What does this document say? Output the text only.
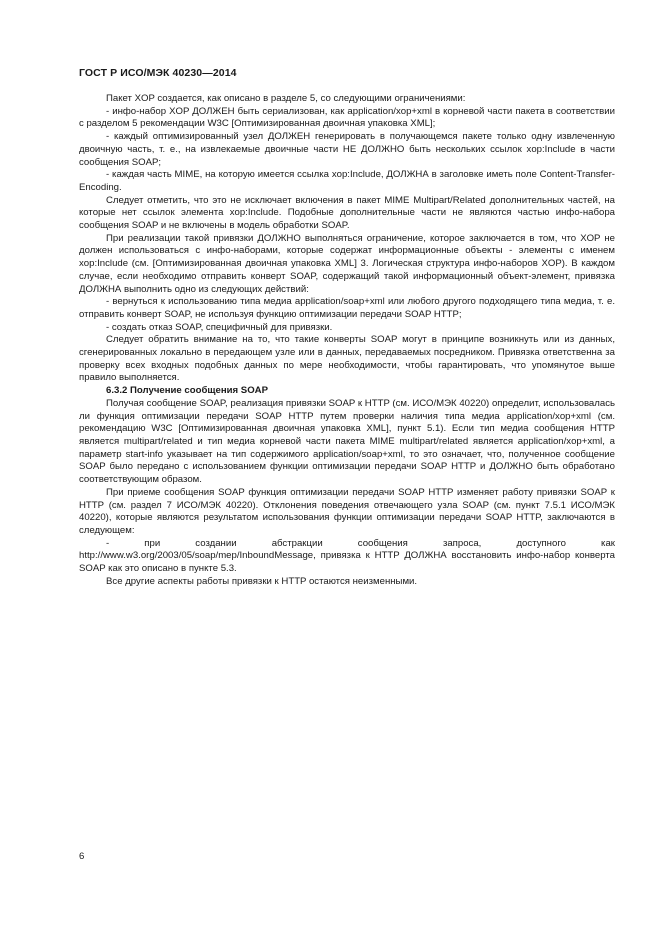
ГОСТ Р ИСО/МЭК 40230—2014

Пакет XOP создается, как описано в разделе 5, со следующими ограничениями:

- инфо-набор XOP ДОЛЖЕН быть сериализован, как application/xop+xml в корневой части пакета в соответствии с разделом 5 рекомендации W3C [Оптимизированная двоичная упаковка XML];

- каждый оптимизированный узел ДОЛЖЕН генерировать в получающемся пакете только одну извлеченную двоичную часть, т. е., на извлекаемые двоичные части НЕ ДОЛЖНО быть нескольких ссылок xop:Include в части сообщения SOAP;

- каждая часть MIME, на которую имеется ссылка xop:Include, ДОЛЖНА в заголовке иметь поле Content-Transfer-Encoding.

Следует отметить, что это не исключает включения в пакет MIME Multipart/Related дополнительных частей, на которые нет ссылок элемента xop:Include. Подобные дополнительные части не являются частью инфо-набора сообщения SOAP и не включены в модель обработки SOAP.

При реализации такой привязки ДОЛЖНО выполняться ограничение, которое заключается в том, что XOP не должен использоваться с инфо-наборами, которые содержат информационные объекты - элементы с именем xop:Include (см. [Оптимизированная двоичная упаковка XML] 3. Логическая структура инфо-наборов XOP). В каждом случае, если необходимо отправить конверт SOAP, содержащий такой информационный объект-элемент, привязка ДОЛЖНА выполнить одно из следующих действий:

- вернуться к использованию типа медиа application/soap+xml или любого другого подходящего типа медиа, т. е. отправить конверт SOAP, не используя функцию оптимизации передачи SOAP HTTP;

- создать отказ SOAP, специфичный для привязки.

Следует обратить внимание на то, что такие конверты SOAP могут в принципе возникнуть или из данных, сгенерированных локально в передающем узле или в данных, передаваемых посредником. Привязка ответственна за проверку всех входных подобных данных по мере необходимости, чтобы гарантировать, что упомянутое выше правило выполняется.

6.3.2 Получение сообщения SOAP

Получая сообщение SOAP, реализация привязки SOAP к HTTP (см. ИСО/МЭК 40220) определит, использовалась ли функция оптимизации передачи SOAP HTTP путем проверки наличия типа медиа application/xop+xml (см. рекомендацию W3C [Оптимизированная двоичная упаковка XML], пункт 5.1). Если тип медиа сообщения HTTP является multipart/related и тип медиа корневой части пакета MIME multipart/related является application/xop+xml, а параметр start-info указывает на тип содержимого application/soap+xml, то это означает, что, полученное сообщение SOAP было передано с использованием функции оптимизации передачи SOAP HTTP и ДОЛЖНО быть обработано соответствующим образом.

При приеме сообщения SOAP функция оптимизации передачи SOAP HTTP изменяет работу привязки SOAP к HTTP (см. раздел 7 ИСО/МЭК 40220). Отклонения поведения отвечающего узла SOAP (см. пункт 7.5.1 ИСО/МЭК 40220), которые являются результатом использования функции оптимизации передачи SOAP HTTP, заключаются в следующем:

- при создании абстракции сообщения запроса, доступного как http://www.w3.org/2003/05/soap/mep/InboundMessage, привязка к HTTP ДОЛЖНА восстановить инфо-набор конверта SOAP как это описано в пункте 5.3.

Все другие аспекты работы привязки к HTTP остаются неизменными.

6
